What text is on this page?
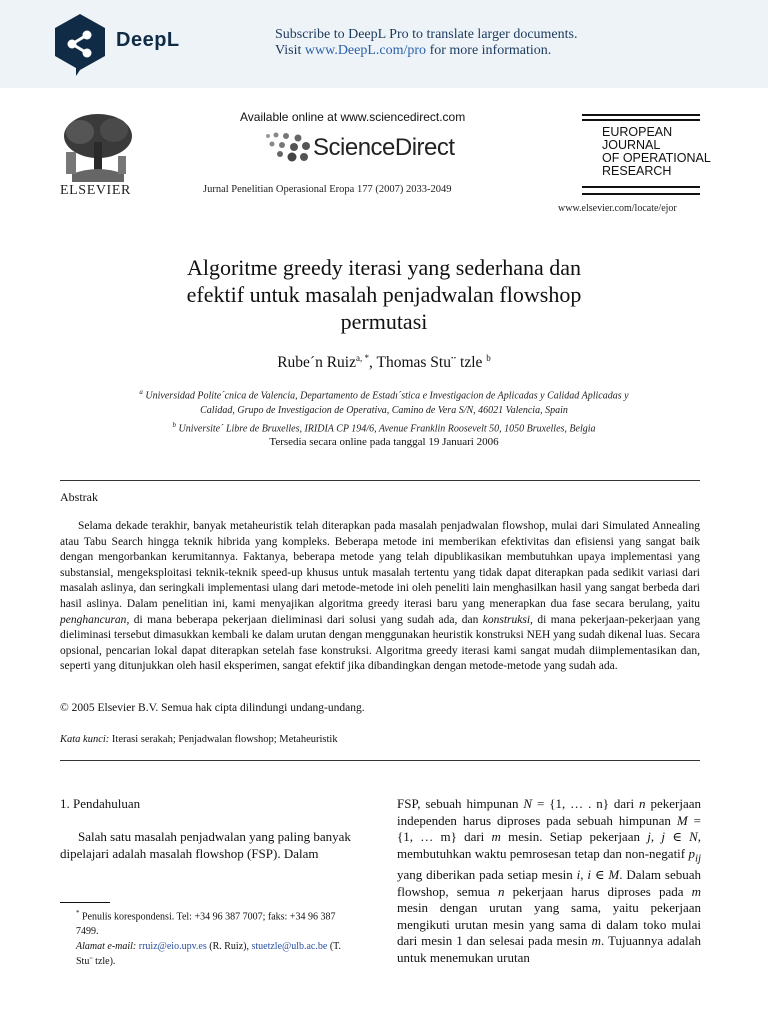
DeepL	Subscribe to DeepL Pro to translate larger documents.
Visit www.DeepL.com/pro for more information.
ELSEVIER
Available online at www.sciencedirect.com
ScienceDirect
Jurnal Penelitian Operasional Eropa 177 (2007) 2033-2049
EUROPEAN
JOURNAL
OF OPERATIONAL
RESEARCH
www.elsevier.com/locate/ejor
Algoritme greedy iterasi yang sederhana dan
efektif untuk masalah penjadwalan flowshop
permutasi
Rube´n Ruiz$^{a, *}$, Thomas Stu¨ tzle $^b$
$^a$ Universidad Polite´cnica de Valencia, Departamento de Estadı´stica e Investigacion de Aplicadas y Calidad Aplicadas y
Calidad, Grupo de Investigacion de Operativa, Camino de Vera S/N, 46021 Valencia, Spain
$^b$ Universite´ Libre de Bruxelles, IRIDIA CP 194/6, Avenue Franklin Roosevelt 50, 1050 Bruxelles, Belgia
Tersedia secara online pada tanggal 19 Januari 2006
Abstrak

Selama dekade terakhir, banyak metaheuristik telah diterapkan pada masalah penjadwalan flowshop, mulai dari Simulated Annealing atau Tabu Search hingga teknik hibrida yang kompleks. Beberapa metode ini memberikan efektivitas dan efisiensi yang sangat baik dengan mengorbankan kerumitannya. Faktanya, beberapa metode yang telah dipublikasikan membutuhkan upaya implementasi yang substansial, mengeksploitasi teknik-teknik speed-up khusus untuk masalah tertentu yang tidak dapat diterapkan pada sedikit variasi dari masalah aslinya, dan seringkali implementasi ulang dari metode-metode ini oleh peneliti lain menghasilkan hasil yang sangat berbeda dari hasil aslinya. Dalam penelitian ini, kami menyajikan algoritma greedy iterasi baru yang menerapkan dua fase secara berulang, yaitu penghancuran, di mana beberapa pekerjaan dieliminasi dari solusi yang sudah ada, dan konstruksi, di mana pekerjaan-pekerjaan yang dieliminasi tersebut dimasukkan kembali ke dalam urutan dengan menggunakan heuristik konstruksi NEH yang sudah dikenal luas. Secara opsional, pencarian lokal dapat diterapkan setelah fase konstruksi. Algoritma greedy iterasi kami sangat mudah diimplementasikan dan, seperti yang ditunjukkan oleh hasil eksperimen, sangat efektif jika dibandingkan dengan metode-metode yang sudah ada.

© 2005 Elsevier B.V. Semua hak cipta dilindungi undang-undang.
Kata kunci: Iterasi serakah; Penjadwalan flowshop; Metaheuristik
1. Pendahuluan

Salah satu masalah penjadwalan yang paling banyak dipelajari adalah masalah flowshop (FSP). Dalam

* Penulis korespondensi. Tel: +34 96 387 7007; faks: +34 96 387 7499.
Alamat e-mail: rruiz@eio.upv.es (R. Ruiz), stuetzle@ulb.ac.be (T. Stu¨ tzle).

FSP, sebuah himpunan N = {1, … . n} dari n pekerjaan independen harus diproses pada sebuah himpunan M = {1, … m} dari m mesin. Setiap pekerjaan j, j ∈ N, membutuhkan waktu pemrosesan tetap dan non-negatif $p_{ij}$ yang diberikan pada setiap mesin i, i ∈ M. Dalam sebuah flowshop, semua n pekerjaan harus diproses pada m mesin dengan urutan yang sama, yaitu pekerjaan mengikuti urutan mesin yang sama di dalam toko mulai dari mesin 1 dan selesai pada mesin m. Tujuannya adalah untuk menemukan urutan
